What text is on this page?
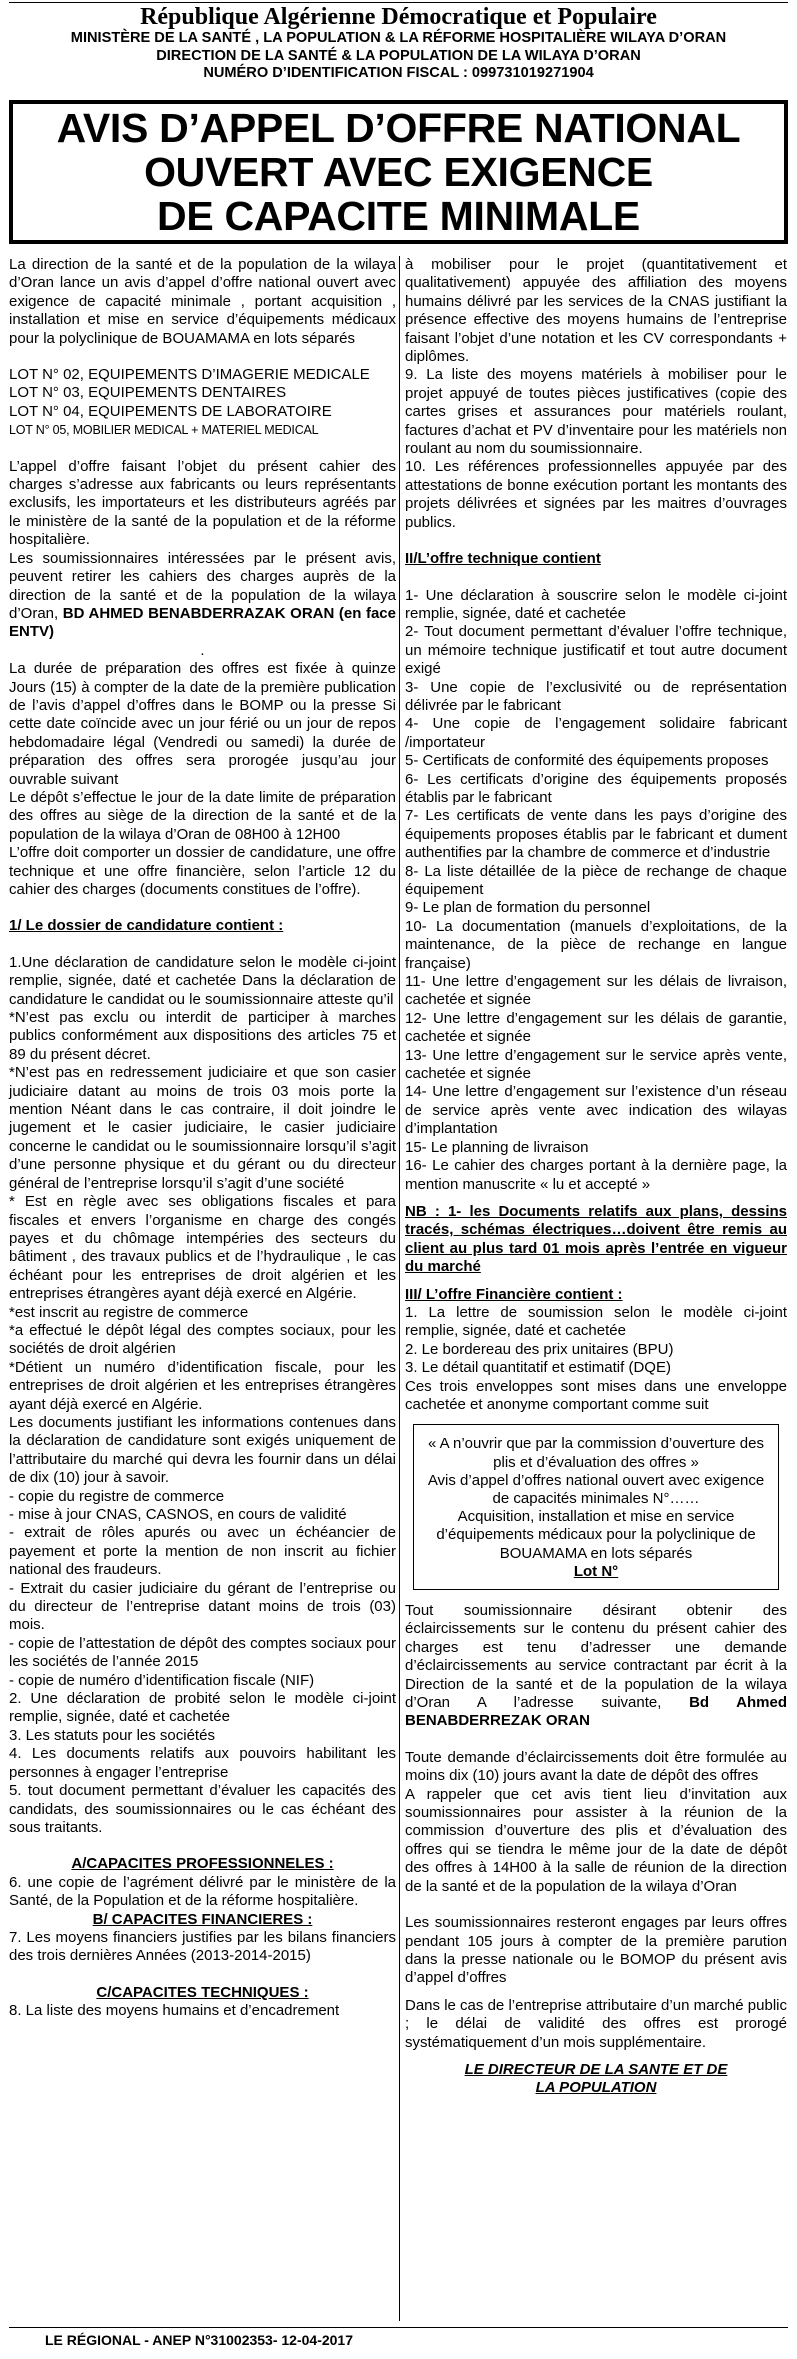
République Algérienne Démocratique et Populaire
MINISTÈRE DE LA SANTÉ , LA POPULATION & LA RÉFORME HOSPITALIÈRE WILAYA D’ORAN
DIRECTION DE LA SANTÉ & LA POPULATION DE LA WILAYA D’ORAN
NUMÉRO D’IDENTIFICATION FISCAL : 099731019271904
AVIS D’APPEL D’OFFRE NATIONAL
OUVERT AVEC EXIGENCE
DE CAPACITE MINIMALE

La direction de la santé et de la population de la wilaya d’Oran lance un avis d’appel d’offre national ouvert avec exigence de capacité minimale , portant acquisition , installation et mise en service d’équipements médicaux pour la polyclinique de BOUAMAMA en lots séparés

LOT N° 02, EQUIPEMENTS D’IMAGERIE MEDICALE

LOT N° 03, EQUIPEMENTS DENTAIRES

LOT N° 04, EQUIPEMENTS DE LABORATOIRE

LOT N° 05, MOBILIER MEDICAL + MATERIEL MEDICAL

L’appel d’offre faisant l’objet du présent cahier des charges s’adresse aux fabricants ou leurs représentants exclusifs, les importateurs et les distributeurs agréés par le ministère de la santé de la population et de la réforme hospitalière.

Les soumissionnaires intéressées par le présent avis, peuvent retirer les cahiers des charges auprès de la direction de la santé et de la population de la wilaya d’Oran, BD AHMED BENABDERRAZAK ORAN (en face ENTV)

.

La durée de préparation des offres est fixée à quinze Jours (15) à compter de la date de la première publication de l’avis d’appel d’offres dans le BOMP ou la presse Si cette date coïncide avec un jour férié ou un jour de repos hebdomadaire légal (Vendredi ou samedi) la durée de préparation des offres sera prorogée jusqu’au jour ouvrable suivant

Le dépôt s’effectue le jour de la date limite de préparation des offres au siège de la direction de la santé et de la population de la wilaya d’Oran de 08H00 à 12H00

L’offre doit comporter un dossier de candidature, une offre technique et une offre financière, selon l’article 12 du cahier des charges (documents constitues de l’offre).

1/ Le dossier de candidature contient :

1.Une déclaration de candidature selon le modèle ci-joint remplie, signée, daté et cachetée Dans la déclaration de candidature le candidat ou le soumissionnaire atteste qu’il

*N’est pas exclu ou interdit de participer à marches publics conformément aux dispositions des articles 75 et 89 du présent décret.

*N’est pas en redressement judiciaire et que son casier judiciaire datant au moins de trois 03 mois porte la mention Néant dans le cas contraire, il doit joindre le jugement et le casier judiciaire, le casier judiciaire concerne le candidat ou le soumissionnaire lorsqu’il s’agit d’une personne physique et du gérant ou du directeur général de l’entreprise lorsqu’il s’agit d’une société

* Est en règle avec ses obligations fiscales et para fiscales et envers l’organisme en charge des congés payes et du chômage intempéries des secteurs du bâtiment , des travaux publics et de l’hydraulique , le cas échéant pour les entreprises de droit algérien et les entreprises étrangères ayant déjà exercé en Algérie.

*est inscrit au registre de commerce

*a effectué le dépôt légal des comptes sociaux, pour les sociétés de droit algérien

*Détient un numéro d’identification fiscale, pour les entreprises de droit algérien et les entreprises étrangères ayant déjà exercé en Algérie.

Les documents justifiant les informations contenues dans la déclaration de candidature sont exigés uniquement de l’attributaire du marché qui devra les fournir dans un délai de dix (10) jour à savoir.

- copie du registre de commerce

- mise à jour CNAS, CASNOS, en cours de validité

- extrait de rôles apurés ou avec un échéancier de payement et porte la mention de non inscrit au fichier national des fraudeurs.

- Extrait du casier judiciaire du gérant de l’entreprise ou du directeur de l’entreprise datant moins de trois (03) mois.

- copie de l’attestation de dépôt des comptes sociaux pour les sociétés de l’année 2015

- copie de numéro d’identification fiscale (NIF)

2. Une déclaration de probité selon le modèle ci-joint remplie, signée, daté et cachetée

3. Les statuts pour les sociétés

4. Les documents relatifs aux pouvoirs habilitant les personnes à engager l’entreprise

5. tout document permettant d’évaluer les capacités des candidats, des soumissionnaires ou le cas échéant des sous traitants.

A/CAPACITES PROFESSIONNELES :

6. une copie de l’agrément délivré par le ministère de la Santé, de la Population et de la réforme hospitalière.

B/ CAPACITES FINANCIERES :

7. Les moyens financiers justifies par les bilans financiers des trois dernières Années (2013-2014-2015)

C/CAPACITES TECHNIQUES :

8. La liste des moyens humains et d’encadrement

à mobiliser pour le projet (quantitativement et qualitativement) appuyée des affiliation des moyens humains délivré par les services de la CNAS justifiant la présence effective des moyens humains de l’entreprise faisant l’objet d’une notation et les CV correspondants + diplômes.

9. La liste des moyens matériels à mobiliser pour le projet appuyé de toutes pièces justificatives (copie des cartes grises et assurances pour matériels roulant, factures d’achat et PV d’inventaire pour les matériels non roulant au nom du soumissionnaire.

10. Les références professionnelles appuyée par des attestations de bonne exécution portant les montants des projets délivrées et signées par les maitres d’ouvrages publics.

II/L’offre technique contient

1- Une déclaration à souscrire selon le modèle ci-joint remplie, signée, daté et cachetée

2- Tout document permettant d’évaluer l’offre technique, un mémoire technique justificatif et tout autre document exigé

3- Une copie de l’exclusivité ou de représentation délivrée par le fabricant

4- Une copie de l’engagement solidaire fabricant /importateur

5- Certificats de conformité des équipements proposes

6- Les certificats d’origine des équipements proposés établis par le fabricant

7- Les certificats de vente dans les pays d’origine des équipements proposes établis par le fabricant et dument authentifies par la chambre de commerce et d’industrie

8- La liste détaillée de la pièce de rechange de chaque équipement

9- Le plan de formation du personnel

10- La documentation (manuels d’exploitations, de la maintenance, de la pièce de rechange en langue française)

11- Une lettre d’engagement sur les délais de livraison, cachetée et signée

12- Une lettre d’engagement sur les délais de garantie, cachetée et signée

13- Une lettre d’engagement sur le service après vente, cachetée et signée

14- Une lettre d’engagement sur l’existence d’un réseau de service après vente avec indication des wilayas d’implantation

15- Le planning de livraison

16- Le cahier des charges portant à la dernière page, la mention manuscrite « lu et accepté »

NB : 1- les Documents relatifs aux plans, dessins tracés, schémas électriques…doivent être remis au client au plus tard 01 mois après l’entrée en vigueur du marché

III/ L’offre Financière contient :

1. La lettre de soumission selon le modèle ci-joint remplie, signée, daté et cachetée

2. Le bordereau des prix unitaires (BPU)

3. Le détail quantitatif et estimatif (DQE)

Ces trois enveloppes sont mises dans une enveloppe cachetée et anonyme comportant comme suit

« A n’ouvrir que par la commission d’ouverture des plis et d’évaluation des offres »
Avis d’appel d’offres national ouvert avec exigence de capacités minimales N°……
Acquisition, installation et mise en service d’équipements médicaux pour la polyclinique de BOUAMAMA en lots séparés
Lot N°

Tout soumissionnaire désirant obtenir des éclaircissements sur le contenu du présent cahier des charges est tenu d’adresser une demande d’éclaircissements au service contractant par écrit à la Direction de la santé et de la population de la wilaya d’Oran A l’adresse suivante, Bd Ahmed BENABDERREZAK ORAN

Toute demande d’éclaircissements doit être formulée au moins dix (10) jours avant la date de dépôt des offres

A rappeler que cet avis tient lieu d’invitation aux soumissionnaires pour assister à la réunion de la commission d’ouverture des plis et d’évaluation des offres qui se tiendra le même jour de la date de dépôt des offres à 14H00 à la salle de réunion de la direction de la santé et de la population de la wilaya d’Oran

Les soumissionnaires resteront engages par leurs offres pendant 105 jours à compter de la première parution dans la presse nationale ou le BOMOP du présent avis d’appel d’offres

Dans le cas de l’entreprise attributaire d’un marché public ; le délai de validité des offres est prorogé systématiquement d’un mois supplémentaire.

LE DIRECTEUR DE LA SANTE ET DE

LA POPULATION

LE RÉGIONAL - ANEP N°31002353- 12-04-2017
